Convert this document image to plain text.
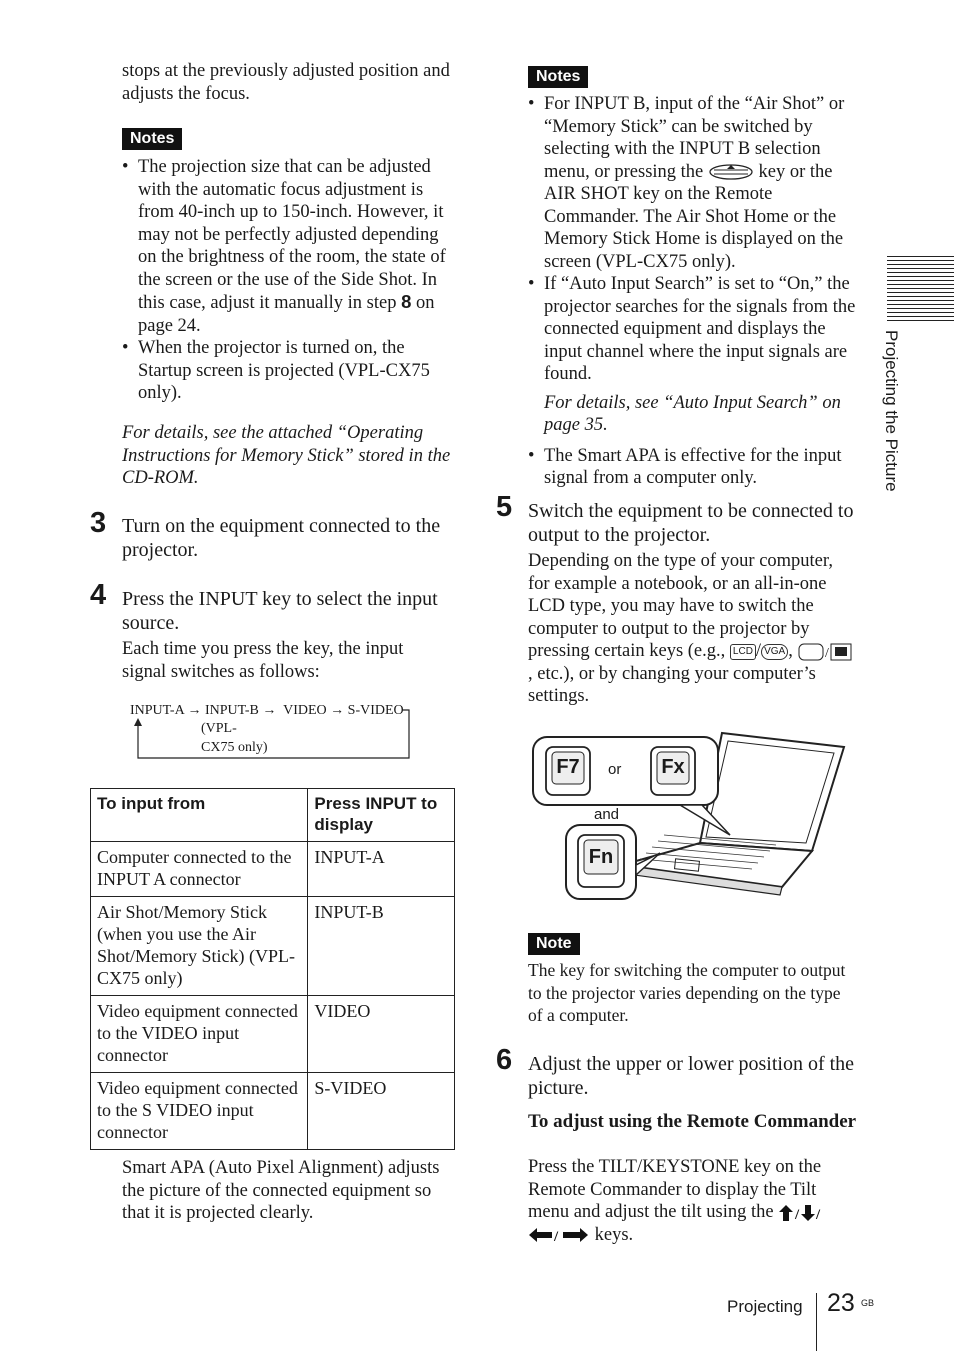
stops at the previously adjusted position and adjusts the focus.
Notes
• The projection size that can be adjusted with the automatic focus adjustment is from 40-inch up to 150-inch. However, it may not be perfectly adjusted depending on the brightness of the room, the state of the screen or the use of the Side Shot. In this case, adjust it manually in step 8 on page 24.
• When the projector is turned on, the Startup screen is projected (VPL-CX75 only).
For details, see the attached “Operating Instructions for Memory Stick” stored in the CD-ROM.
3 Turn on the equipment connected to the projector.
4 Press the INPUT key to select the input source.
Each time you press the key, the input signal switches as follows:
INPUT-A → INPUT-B → VIDEO → S-VIDEO
(VPL-
CX75 only)
To input from	Press INPUT to display
Computer connected to the INPUT A connector	INPUT-A
Air Shot/Memory Stick (when you use the Air Shot/Memory Stick) (VPL-CX75 only)	INPUT-B
Video equipment connected to the VIDEO input connector	VIDEO
Video equipment connected to the S VIDEO input connector	S-VIDEO
Smart APA (Auto Pixel Alignment) adjusts the picture of the connected equipment so that it is projected clearly.
Notes
• For INPUT B, input of the “Air Shot” or “Memory Stick” can be switched by selecting with the INPUT B selection menu, or pressing the  key or the AIR SHOT key on the Remote Commander. The Air Shot Home or the Memory Stick Home is displayed on the screen (VPL-CX75 only).
• If “Auto Input Search” is set to “On,” the projector searches for the signals from the connected equipment and displays the input channel where the input signals are found.
For details, see “Auto Input Search” on page 35.
• The Smart APA is effective for the input signal from a computer only.
5 Switch the equipment to be connected to output to the projector.
Depending on the type of your computer, for example a notebook, or an all-in-one LCD type, you may have to switch the computer to output to the projector by pressing certain keys (e.g., LCD / VGA , /
, etc.), or by changing your computer’s settings.
F7 or Fx
and
Fn
Note
The key for switching the computer to output to the projector varies depending on the type of a computer.
6 Adjust the upper or lower position of the picture.
To adjust using the Remote Commander
Press the TILT/KEYSTONE key on the Remote Commander to display the Tilt menu and adjust the tilt using the / /

/ keys.
Projecting the Picture
Projecting 23 GB
